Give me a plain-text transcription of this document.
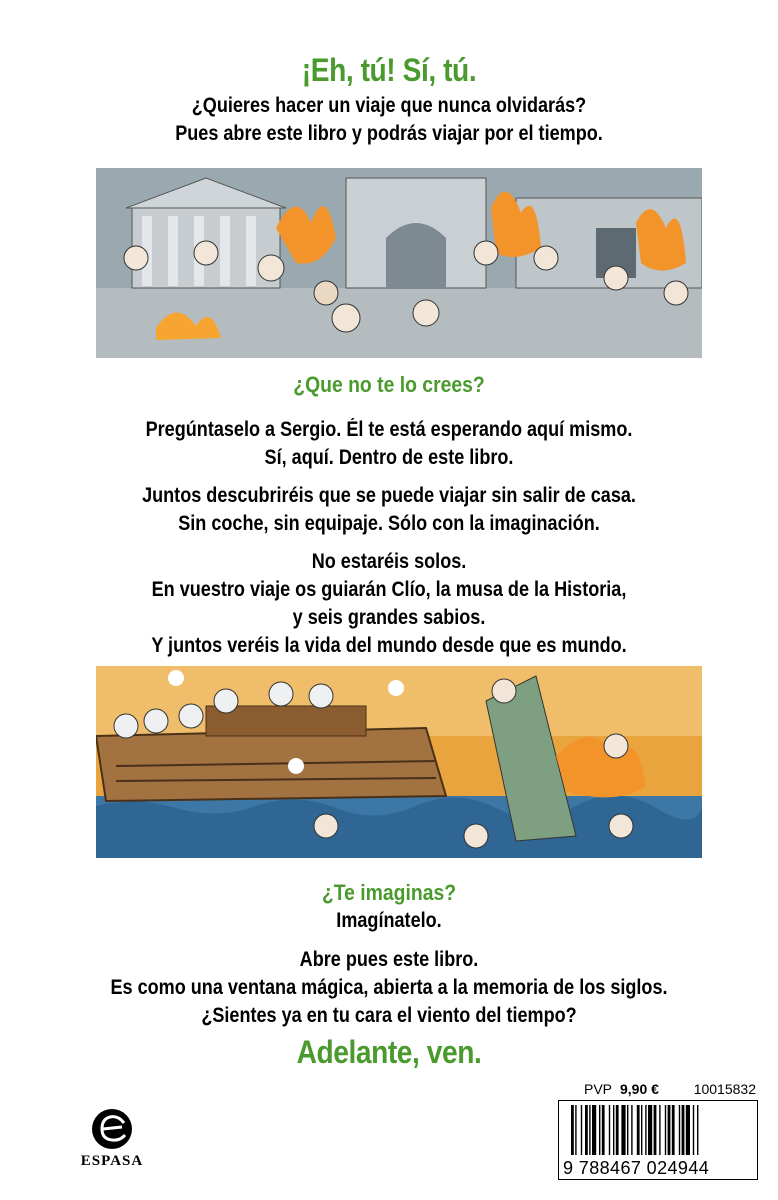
¡Eh, tú! Sí, tú.
¿Quieres hacer un viaje que nunca olvidarás?
Pues abre este libro y podrás viajar por el tiempo.
¿Que no te lo crees?
Pregúntaselo a Sergio. Él te está esperando aquí mismo.
Sí, aquí. Dentro de este libro.
Juntos descubriréis que se puede viajar sin salir de casa.
Sin coche, sin equipaje. Sólo con la imaginación.
No estaréis solos.
En vuestro viaje os guiarán Clío, la musa de la Historia,
y seis grandes sabios.
Y juntos veréis la vida del mundo desde que es mundo.
¿Te imaginas?
Imagínatelo.
Abre pues este libro.
Es como una ventana mágica, abierta a la memoria de los siglos.
¿Sientes ya en tu cara el viento del tiempo?
Adelante, ven.
ESPASA
PVP 9,90 € 10015832
9 788467 024944
